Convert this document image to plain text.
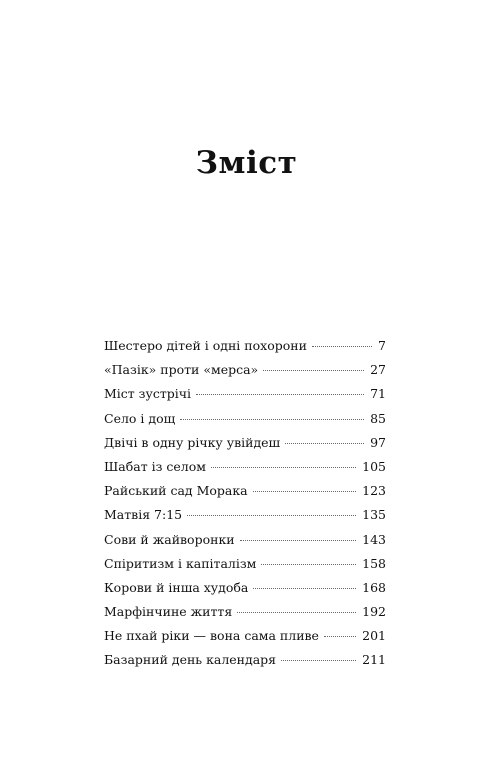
Зміст
Шестеро дітей і одні похорони	7
«Пазік» проти «мерса»	27
Міст зустрічі	71
Село і дощ	85
Двічі в одну річку увійдеш	97
Шабат із селом	105
Райський сад Морака	123
Матвія 7:15	135
Сови й жайворонки	143
Спіритизм і капіталізм	158
Корови й інша худоба	168
Марфінчине життя	192
Не пхай ріки — вона сама пливе	201
Базарний день календаря	211
